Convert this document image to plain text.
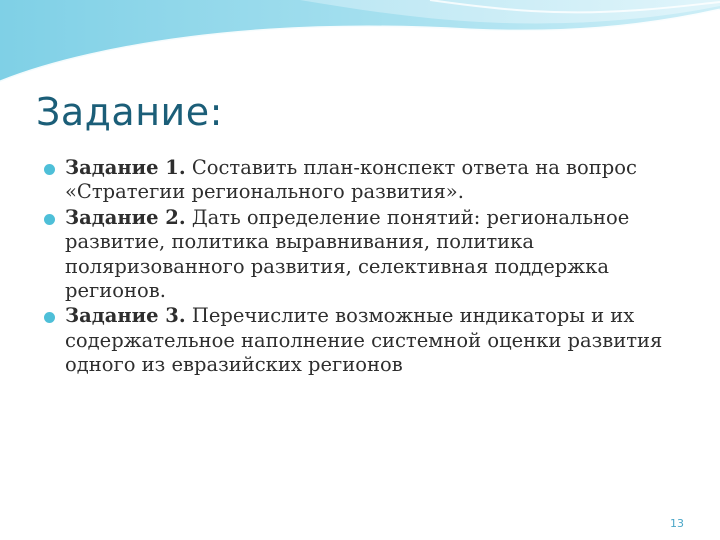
Задание:
Задание 1. Составить план-конспект ответа на вопрос «Стратегии регионального развития».
Задание 2. Дать определение понятий: региональное развитие, политика выравнивания, политика поляризованного развития, селективная поддержка регионов.
Задание 3. Перечислите возможные индикаторы и их содержательное наполнение системной оценки развития одного из евразийских регионов
13
